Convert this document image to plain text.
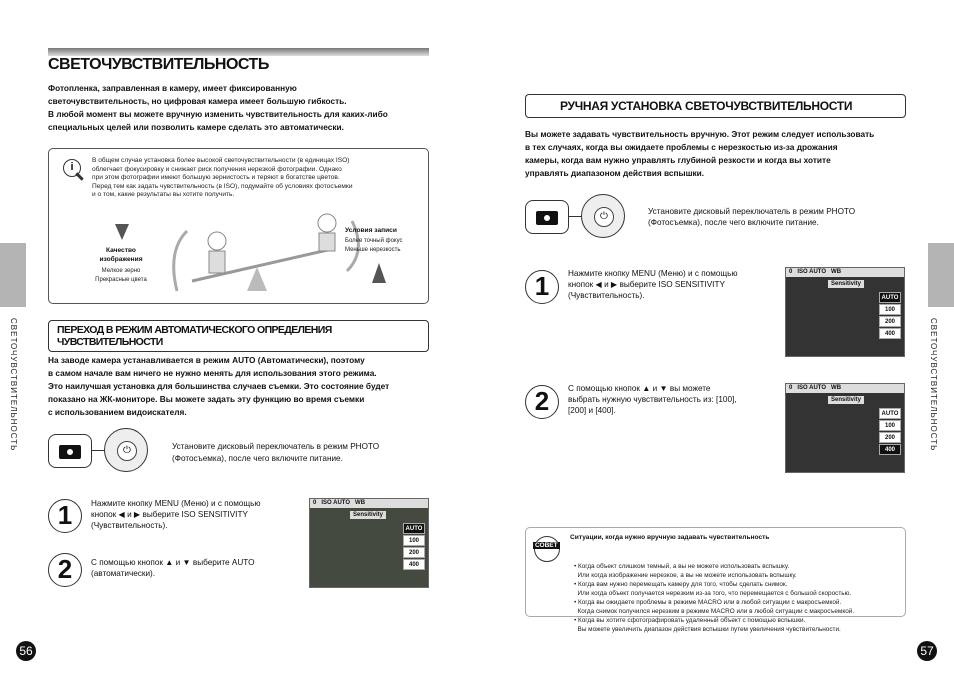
СВЕТОЧУВСТВИТЕЛЬНОСТЬ
56
СВЕТОЧУВСТВИТЕЛЬНОСТЬ
Фотопленка, заправленная в камеру, имеет фиксированную
светочувствительность, но цифровая камера имеет большую гибкость.
В любой момент вы можете вручную изменить чувствительность для каких-либо
специальных целей или позволить камере сделать это автоматически.
i
В общем случае установка более высокой светочувствительности (в единицах ISO)
облегчает фокусировку и снижает риск получения нерезкой фотографии. Однако
при этом фотографии имеют большую зернистость и теряют в богатстве цветов.
Перед тем как задать чувствительность (в ISO), подумайте об условиях фотосъемки
и о том, какие результаты вы хотите получить.
Качество изображения
Мелкое зерно
Прекрасные цвета
Условия записи
Более точный фокус
Меньше нерезкость
ПЕРЕХОД В РЕЖИМ АВТОМАТИЧЕСКОГО ОПРЕДЕЛЕНИЯ ЧУВСТВИТЕЛЬНОСТИ
На заводе камера устанавливается в режим AUTO (Автоматически), поэтому
в самом начале вам ничего не нужно менять для использования этого режима.
Это наилучшая установка для большинства случаев съемки. Это состояние будет
показано на ЖК-мониторе. Вы можете задать эту функцию во время съемки
с использованием видоискателя.
⏻	Установите дисковый переключатель в режим PHOTO
(Фотосъемка), после чего включите питание.
1	Нажмите кнопку MENU (Меню) и с помощью
кнопок ◀ и ▶ выберите ISO SENSITIVITY
(Чувствительность).
2	С помощью кнопок ▲ и ▼ выберите AUTO
(автоматически).
0 ISO AUTO WB
Sensitivity
AUTO
100
200
400
СВЕТОЧУВСТВИТЕЛЬНОСТЬ
57
РУЧНАЯ УСТАНОВКА СВЕТОЧУВСТВИТЕЛЬНОСТИ
Вы можете задавать чувствительность вручную. Этот режим следует использовать
в тех случаях, когда вы ожидаете проблемы с нерезкостью из-за дрожания
камеры, когда вам нужно управлять глубиной резкости и когда вы хотите
управлять диапазоном действия вспышки.
⏻	Установите дисковый переключатель в режим PHOTO
(Фотосъемка), после чего включите питание.
1	Нажмите кнопку MENU (Меню) и с помощью
кнопок ◀ и ▶ выберите ISO SENSITIVITY
(Чувствительность).
0 ISO AUTO WB
Sensitivity
AUTO
100
200
400
2	С помощью кнопок ▲ и ▼ вы можете
выбрать нужную чувствительность из: [100],
[200] и [400].
0 ISO AUTO WB
Sensitivity
AUTO
100
200
400
СОВЕТ
Ситуации, когда нужно вручную задавать чувствительность

• Когда объект слишком темный, а вы не можете использовать вспышку.
Или когда изображение нерезкое, а вы не можете использовать вспышку.
• Когда вам нужно перемещать камеру для того, чтобы сделать снимок.
Или когда объект получается нерезким из-за того, что перемещается с большой скоростью.
• Когда вы ожидаете проблемы в режиме MACRO или в любой ситуации с макросъемкой.
Когда снимок получился нерезким в режиме MACRO или в любой ситуации с макросъемкой.
• Когда вы хотите сфотографировать удаленный объект с помощью вспышки.
Вы можете увеличить диапазон действия вспышки путем увеличения чувствительности.
